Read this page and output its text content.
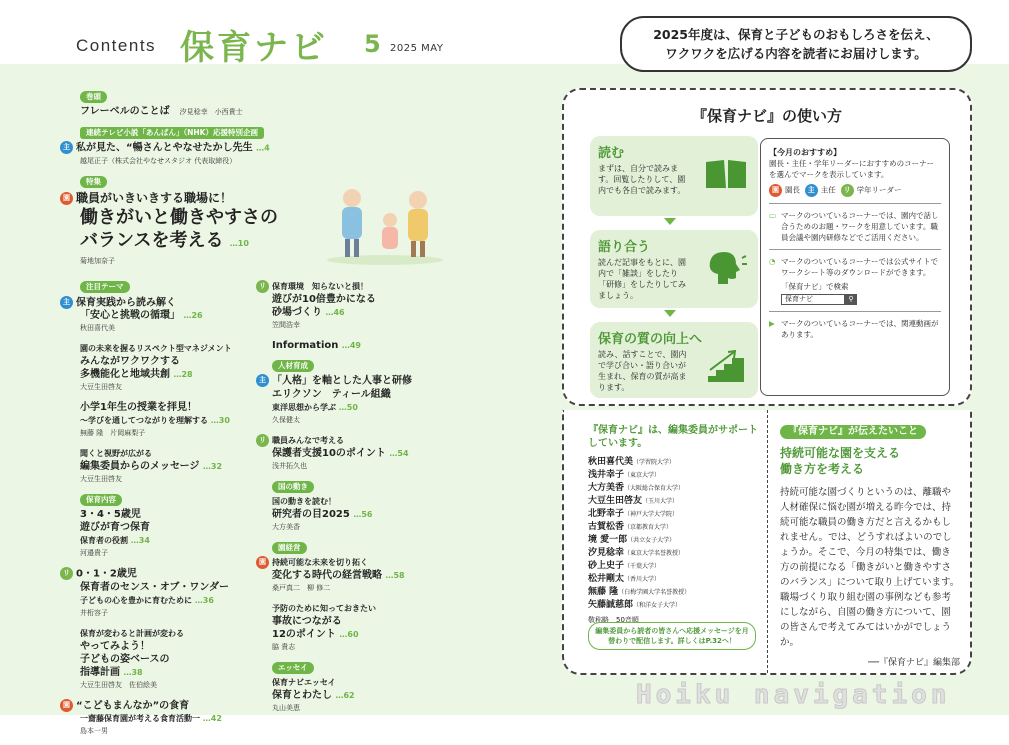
Contents 保育ナビ 5 2025 MAY
2025年度は、保育と子どものおもしろさを伝え、
ワクワクを広げる内容を読者にお届けします。
巻頭
フレーベルのことば　 汐見稔幸　小西貴士
連続テレビ小説「あんぱん」（NHK）応援特別企画
主 私が見た、“暢さんとやなせたかし先生 …4
越尾正子（株式会社やなせスタジオ 代表取締役）
特集
園 職員がいきいきする職場に！
働きがいと働きやすさの
バランスを考える …10
菊地加奈子
注目テーマ
主 保育実践から読み解く
「安心と挑戦の循環」 …26
秋田喜代美
園の未来を握るリスペクト型マネジメント
みんながワクワクする
多機能化と地域共創 …28
大豆生田啓友
小学1年生の授業を拝見！
〜学びを通してつながりを理解する …30
無藤 隆　片岡麻梨子
聞くと視野が広がる
編集委員からのメッセージ …32
大豆生田啓友
保育内容
3・4・5歳児
遊びが育つ保育
保育者の役割 …34
河邉貴子
リ 0・1・2歳児
保育者のセンス・オブ・ワンダー
子どもの心を豊かに育むために …36
井桁容子
保育が変わると計画が変わる
やってみよう！
子どもの姿ベースの
指導計画 …38
大豆生田啓友　佐伯絵美
園 “こどもまんなか”の食育
一齋藤保育園が考える食育活動一 …42
島本一男
リ 保育環境　知らないと損！
遊びが10倍豊かになる
砂場づくり …46
笠間浩幸
Information …49
人材育成
主 「人格」を軸とした人事と研修
エリクソン　ティール組織
東洋思想から学ぶ …50
久保健太
リ 職員みんなで考える
保護者支援10のポイント …54
浅井拓久也
国の動き
国の動きを読む！
研究者の目2025 …56
大方美香
園経営
園 持続可能な未来を切り拓く
変化する時代の経営戦略 …58
桑戸真二　柳 修二
予防のために知っておきたい
事故につながる
12のポイント …60
脇 貴志
エッセイ
保育ナビエッセイ
保育とわたし …62
丸山美恵
『保育ナビ』の使い方
読む

まずは、自分で読みます。回覧したりして、園内でも各自で読みます。

語り合う

読んだ記事をもとに、園内で「雑談」をしたり「研修」をしたりしてみましょう。

保育の質の向上へ

読み、話すことで、園内で学び合い・語り合いが生まれ、保育の質が高まります。

【今月のおすすめ】
園長・主任・学年リーダーにおすすめのコーナーを選んでマークを表示しています。
園 園長 主 主任 リ 学年リーダー
▭ マークのついているコーナーでは、園内で話し合うためのお題・ワークを用意しています。職員会議や園内研修などでご活用ください。
◔ マークのついているコーナーでは公式サイトでワークシート等のダウンロードができます。
「保育ナビ」で検索
保育ナビ	⚲
▶ マークのついているコーナーでは、関連動画があります。
『保育ナビ』は、編集委員がサポートしています。
秋田喜代美（学習院大学）
浅井幸子（東京大学）
大方美香（大阪総合保育大学）
大豆生田啓友（玉川大学）
北野幸子（神戸大学大学院）
古賀松香（京都教育大学）
境 愛一郎（共立女子大学）
汐見稔幸（東京大学名誉教授）
砂上史子（千葉大学）
松井剛太（香川大学）
無藤 隆（白梅学園大学名誉教授）
矢藤誠慈郎（和洋女子大学）
敬称略　50音順
編集委員から読者の皆さんへ応援メッセージを月替わりで配信します。詳しくはP.32へ！
『保育ナビ』が伝えたいこと
持続可能な園を支える
働き方を考える

持続可能な園づくりというのは、離職や人材確保に悩む園が増える昨今では、持続可能な職員の働き方だと言えるかもしれません。では、どうすればよいのでしょうか。そこで、今月の特集では、働き方の前提になる「働きがいと働きやすさのバランス」について取り上げています。職場づくり取り組む園の事例なども参考にしながら、自園の働き方について、園の皆さんで考えてみてはいかがでしょうか。

──『保育ナビ』編集部
Hoiku navigation
